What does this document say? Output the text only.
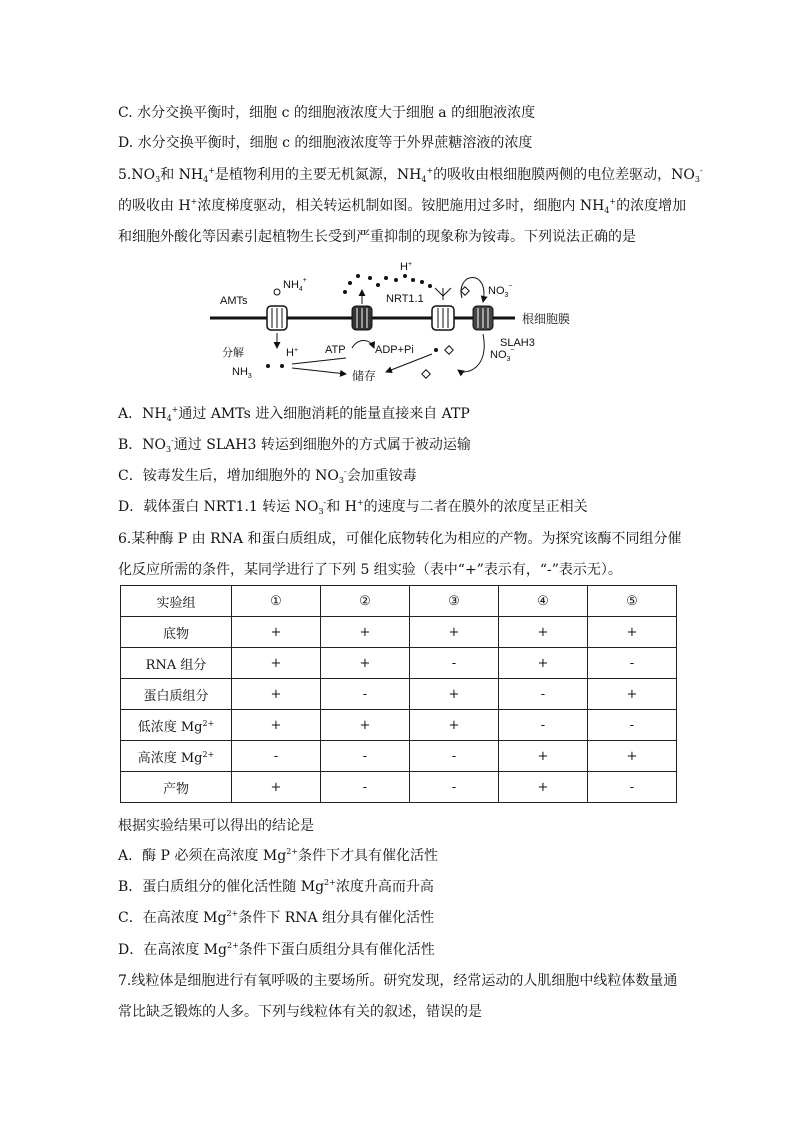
C. 水分交换平衡时，细胞 c 的细胞液浓度大于细胞 a 的细胞液浓度
D. 水分交换平衡时，细胞 c 的细胞液浓度等于外界蔗糖溶液的浓度
$5.NO_3$和 $NH_4^+$是植物利用的主要无机氮源，$NH_4^+$的吸收由根细胞膜两侧的电位差驱动，$NO_3^-$
的吸收由 H+浓度梯度驱动，相关转运机制如图。铵肥施用过多时，细胞内 $NH_4^+$的浓度增加
和细胞外酸化等因素引起植物生长受到严重抑制的现象称为铵毒。下列说法正确的是
根细胞膜
AMTs
$NH_4^+$
H+
NRT1.1
SLAH3
$NO_3^-$
$NO_3^-$
分解	H+
$NH_3$
ATP	ADP+Pi
储存
A．$NH_4^+$通过 AMTs 进入细胞消耗的能量直接来自 ATP
B．$NO_3^-$通过 SLAH3 转运到细胞外的方式属于被动运输
C．铵毒发生后，增加细胞外的 $NO_3^-$会加重铵毒
D．载体蛋白 NRT1.1 转运 $NO_3^-$和 H+的速度与二者在膜外的浓度呈正相关
6.某种酶 P 由 RNA 和蛋白质组成，可催化底物转化为相应的产物。为探究该酶不同组分催
化反应所需的条件，某同学进行了下列 5 组实验（表中“+”表示有，“-”表示无）。
实验组	①	②	③	④	⑤
底物	+	+	+	+	+
RNA 组分	+	+	-	+	-
蛋白质组分	+	-	+	-	+
低浓度 $Mg^{2+}$	+	+	+	-	-
高浓度 $Mg^{2+}$	-	-	-	+	+
产物	+	-	-	+	-
根据实验结果可以得出的结论是
A．酶 P 必须在高浓度 $Mg^{2+}$条件下才具有催化活性
B．蛋白质组分的催化活性随 $Mg^{2+}$浓度升高而升高
C．在高浓度 $Mg^{2+}$条件下 RNA 组分具有催化活性
D．在高浓度 $Mg^{2+}$条件下蛋白质组分具有催化活性
7.线粒体是细胞进行有氧呼吸的主要场所。研究发现，经常运动的人肌细胞中线粒体数量通
常比缺乏锻炼的人多。下列与线粒体有关的叙述，错误的是
